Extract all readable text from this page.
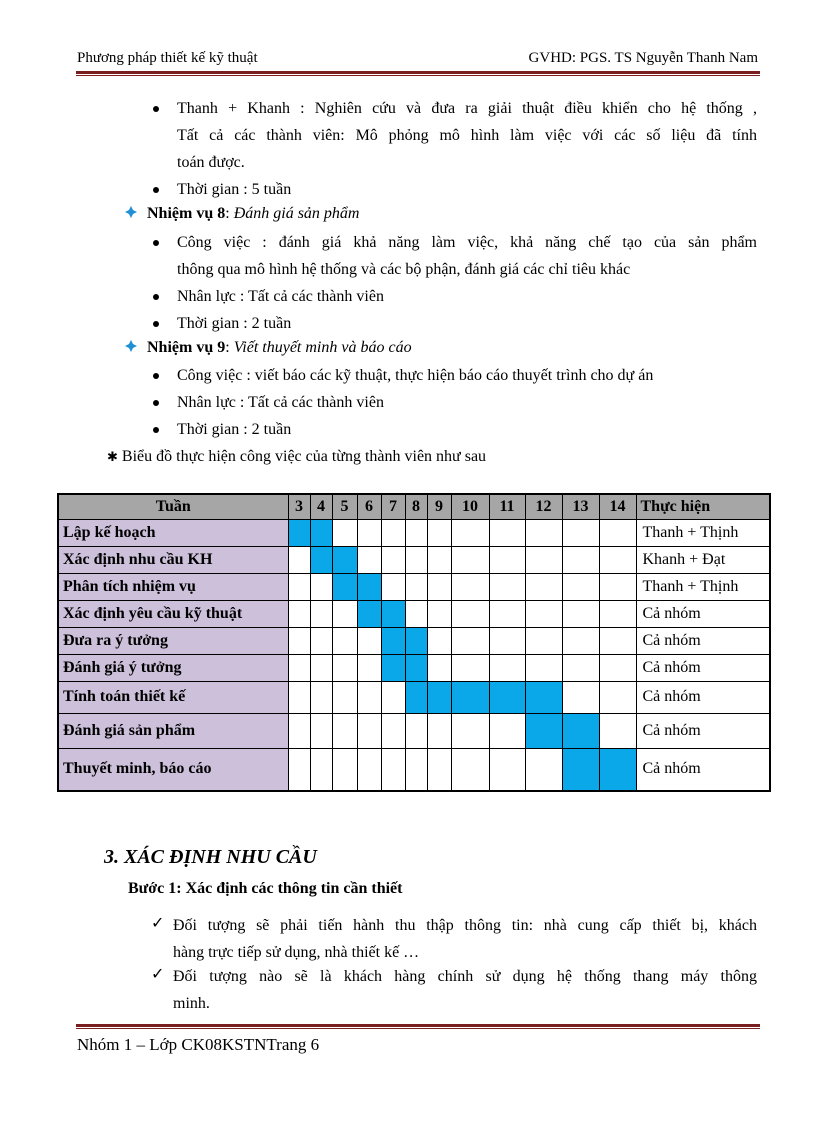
Phương pháp thiết kế kỹ thuật	GVHD: PGS. TS Nguyễn Thanh Nam
Thanh + Khanh : Nghiên cứu và đưa ra giải thuật điều khiển cho hệ thống ,
Tất cả các thành viên: Mô phỏng mô hình làm việc với các số liệu đã tính
toán được.
Thời gian : 5 tuần
Nhiệm vụ 8: Đánh giá sản phẩm
Công việc : đánh giá khả năng làm việc, khả năng chế tạo của sản phẩm
thông qua mô hình hệ thống và các bộ phận, đánh giá các chỉ tiêu khác
Nhân lực : Tất cả các thành viên
Thời gian : 2 tuần
Nhiệm vụ 9: Viết thuyết minh và báo cáo
Công việc : viết báo các kỹ thuật, thực hiện báo cáo thuyết trình cho dự án
Nhân lực : Tất cả các thành viên
Thời gian : 2 tuần
✱ Biểu đồ thực hiện công việc của từng thành viên như sau
Tuần	3	4	5	6	7	8	9	10	11	12	13	14	Thực hiện
Lập kế hoạch													Thanh + Thịnh
Xác định nhu cầu KH													Khanh + Đạt
Phân tích nhiệm vụ													Thanh + Thịnh
Xác định yêu cầu kỹ thuật													Cả nhóm
Đưa ra ý tưởng													Cả nhóm
Đánh giá ý tưởng													Cả nhóm
Tính toán thiết kế													Cả nhóm
Đánh giá sản phẩm													Cả nhóm
Thuyết minh, báo cáo													Cả nhóm
3. XÁC ĐỊNH NHU CẦU
Bước 1: Xác định các thông tin cần thiết
✓ Đối tượng sẽ phải tiến hành thu thập thông tin: nhà cung cấp thiết bị, khách
hàng trực tiếp sử dụng, nhà thiết kế …
✓ Đối tượng nào sẽ là khách hàng chính sử dụng hệ thống thang máy thông
minh.
Nhóm 1 – Lớp CK08KSTNTrang 6
